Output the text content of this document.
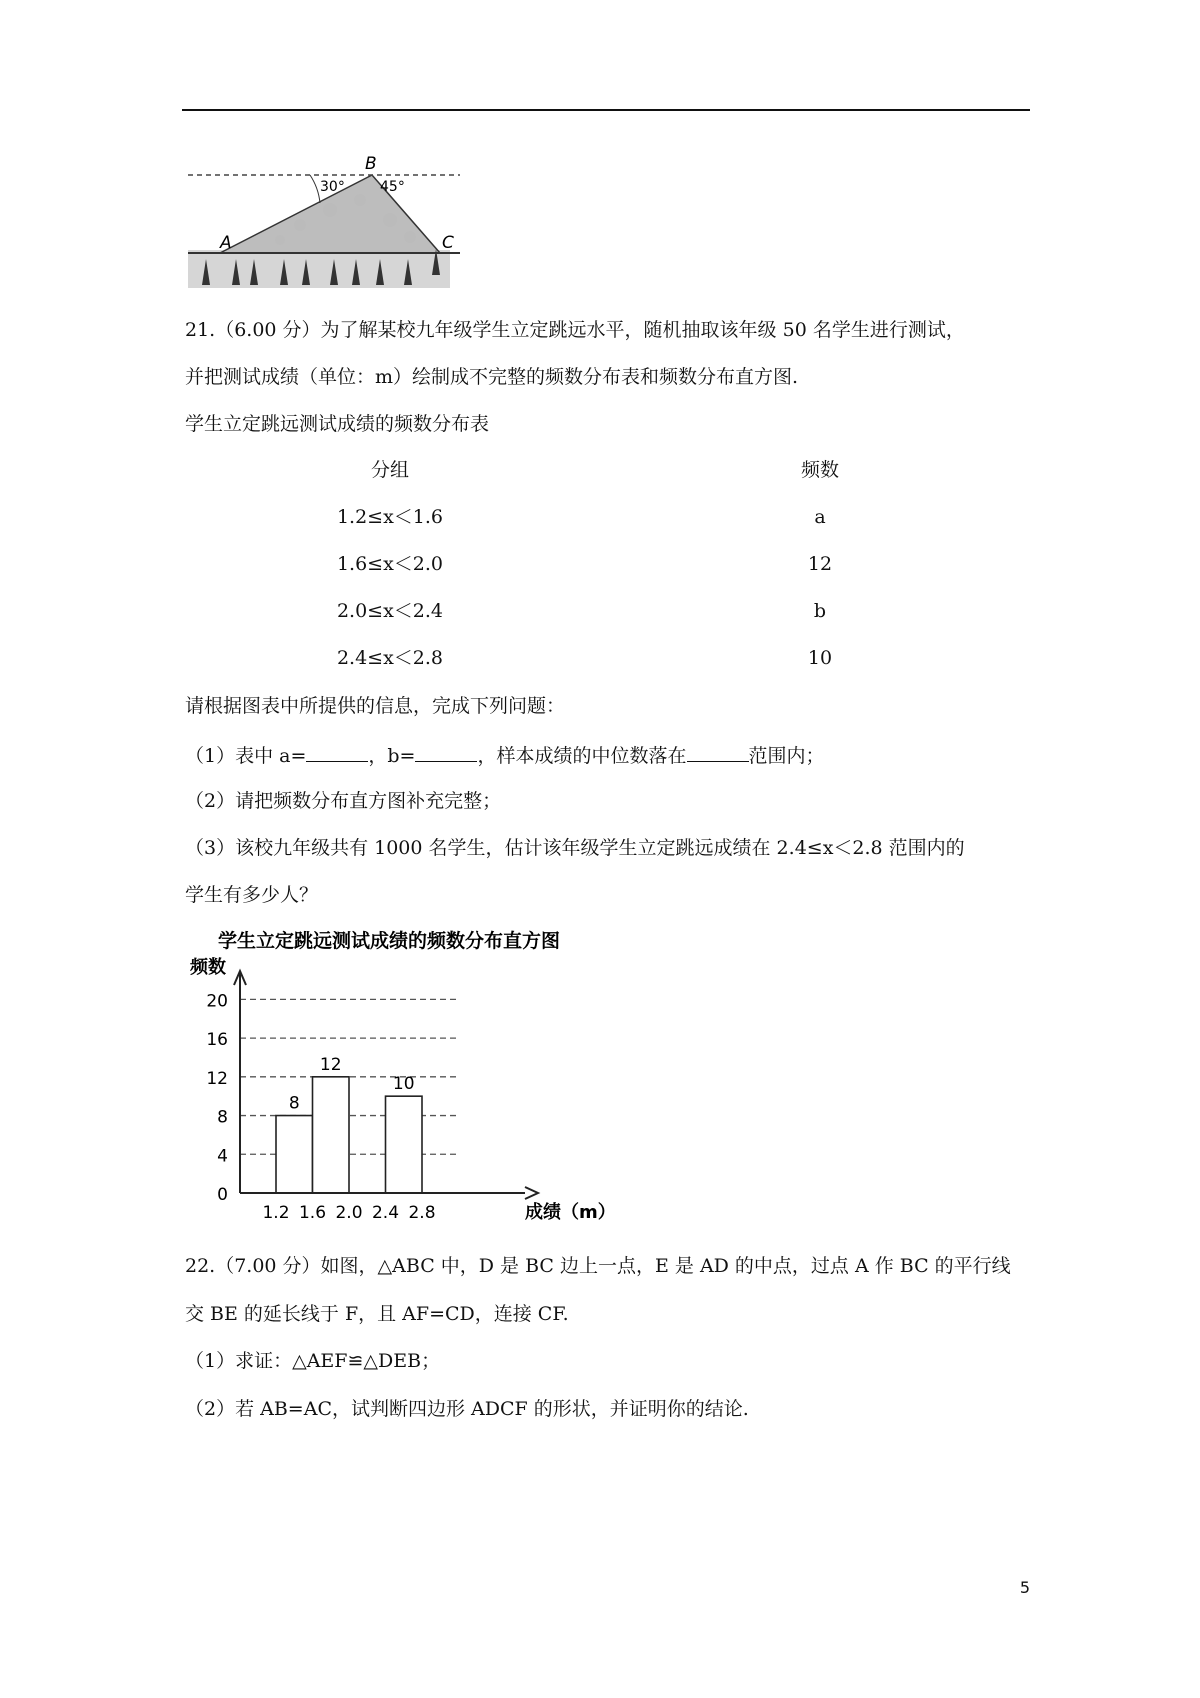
B
A	C
30°	45°
21.（6.00 分）为了解某校九年级学生立定跳远水平，随机抽取该年级 50 名学生进行测试，
并把测试成绩（单位：m）绘制成不完整的频数分布表和频数分布直方图.
学生立定跳远测试成绩的频数分布表
分组	频数
1.2≤x＜1.6	a
1.6≤x＜2.0	12
2.0≤x＜2.4	b
2.4≤x＜2.8	10
请根据图表中所提供的信息，完成下列问题：
（1）表中 a=	，b=	，样本成绩的中位数落在	范围内；
（2）请把频数分布直方图补充完整；
（3）该校九年级共有 1000 名学生，估计该年级学生立定跳远成绩在 2.4≤x＜2.8 范围内的
学生有多少人？
学生立定跳远测试成绩的频数分布直方图
频数
成绩（m）
0
4
8
12
16
20
8
12
10
1.2 1.6 2.0 2.4 2.8
22.（7.00 分）如图，△ABC 中，D 是 BC 边上一点，E 是 AD 的中点，过点 A 作 BC 的平行线
交 BE 的延长线于 F，且 AF=CD，连接 CF.
（1）求证：△AEF≌△DEB；
（2）若 AB=AC，试判断四边形 ADCF 的形状，并证明你的结论.
5
